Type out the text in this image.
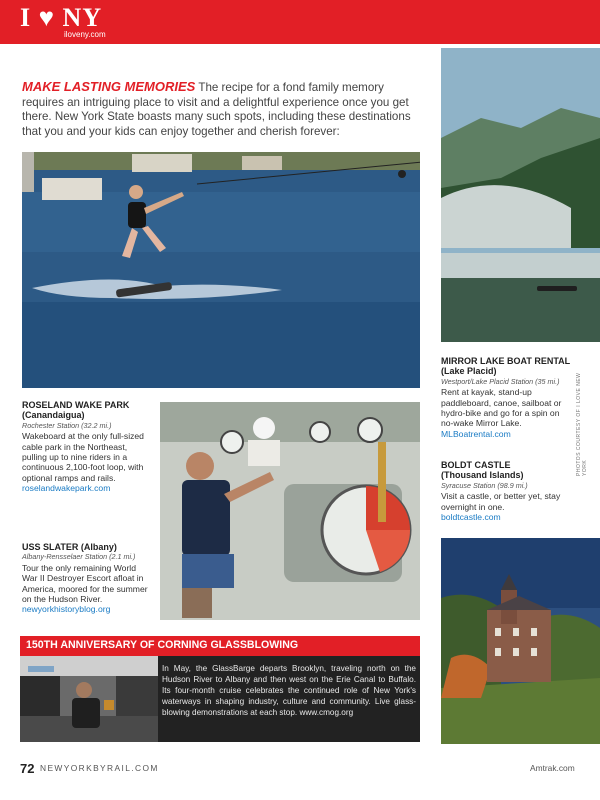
I ♥ NY
iloveny.com
MAKE LASTING MEMORIES The recipe for a fond family memory requires an intriguing place to visit and a delightful experience once you get there. New York State boasts many such spots, including these destinations that you and your kids can enjoy together and cherish forever:
ROSELAND WAKE PARK
(Canandaigua)
Rochester Station (32.2 mi.)
Wakeboard at the only full-sized cable park in the Northeast, pulling up to nine riders in a continuous 2,100-foot loop, with optional ramps and rails.
roselandwakepark.com
USS SLATER (Albany)
Albany-Rensselaer Station (2.1 mi.)
Tour the only remaining World War II Destroyer Escort afloat in America, moored for the summer on the Hudson River.
newyorkhistoryblog.org
MIRROR LAKE BOAT RENTAL
(Lake Placid)
Westport/Lake Placid Station (35 mi.)
Rent at kayak, stand-up paddleboard, canoe, sailboat or hydro-bike and go for a spin on no-wake Mirror Lake.
MLBoatrental.com
BOLDT CASTLE
(Thousand Islands)
Syracuse Station (98.9 mi.)
Visit a castle, or better yet, stay overnight in one.
boldtcastle.com
PHOTOS COURTESY OF I LOVE NEW YORK
150TH ANNIVERSARY OF CORNING GLASSBLOWING
In May, the GlassBarge departs Brooklyn, traveling north on the Hudson River to Albany and then west on the Erie Canal to Buffalo. Its four-month cruise celebrates the continued role of New York's waterways in shaping industry, culture and community. Live glass-blowing demonstrations at each stop. www.cmog.org
72 NEWYORKBYRAIL.COM	Amtrak.com
